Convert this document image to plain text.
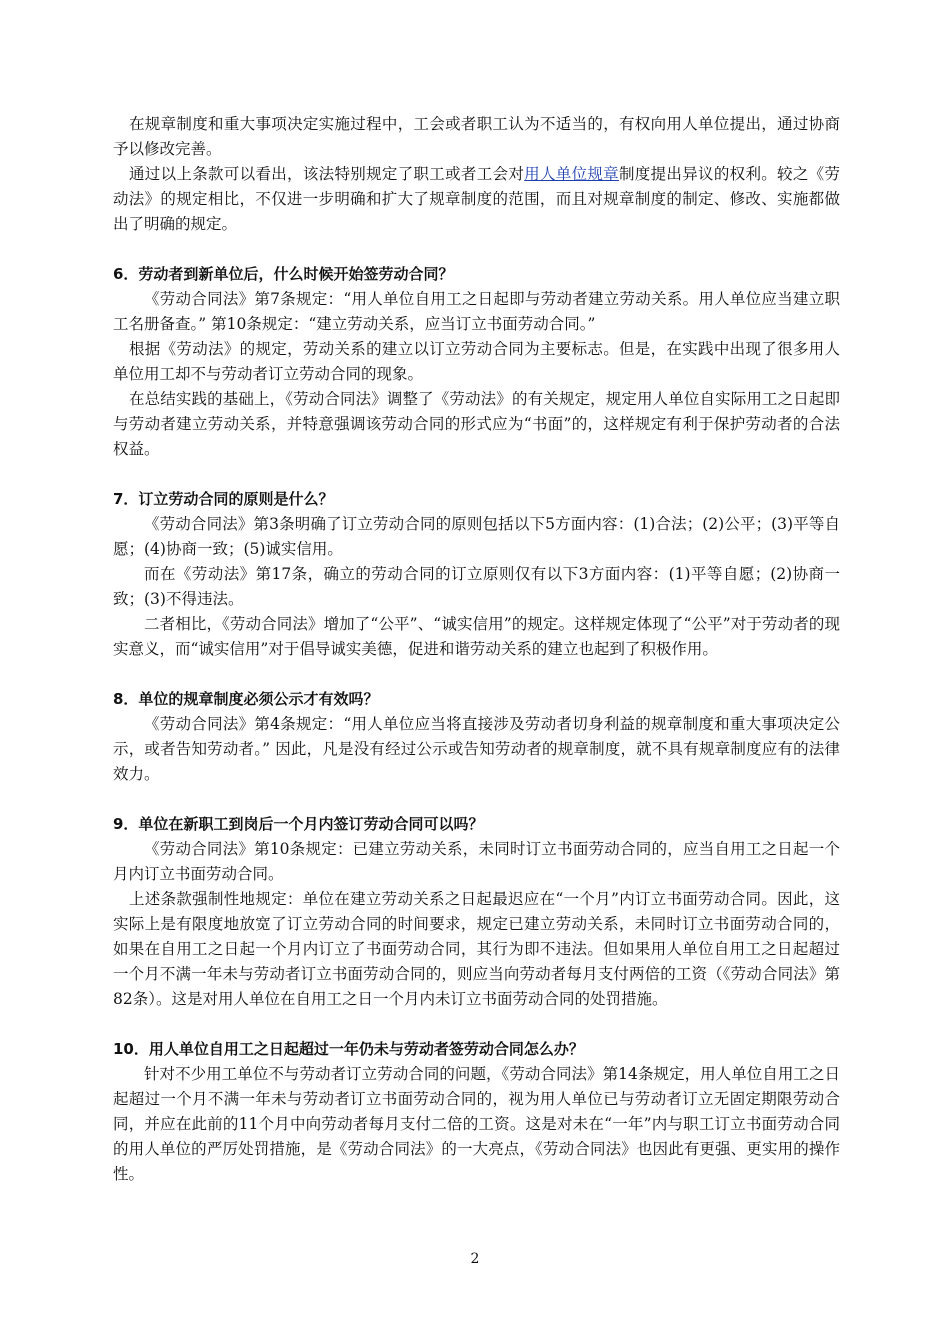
在规章制度和重大事项决定实施过程中，工会或者职工认为不适当的，有权向用人单位提出，通过协商予以修改完善。

通过以上条款可以看出，该法特别规定了职工或者工会对用人单位规章制度提出异议的权利。较之《劳动法》的规定相比，不仅进一步明确和扩大了规章制度的范围，而且对规章制度的制定、修改、实施都做出了明确的规定。

6．劳动者到新单位后，什么时候开始签劳动合同？

《劳动合同法》第7条规定：“用人单位自用工之日起即与劳动者建立劳动关系。用人单位应当建立职工名册备查。” 第10条规定：“建立劳动关系，应当订立书面劳动合同。”

根据《劳动法》的规定，劳动关系的建立以订立劳动合同为主要标志。但是，在实践中出现了很多用人单位用工却不与劳动者订立劳动合同的现象。

在总结实践的基础上，《劳动合同法》调整了《劳动法》的有关规定，规定用人单位自实际用工之日起即与劳动者建立劳动关系，并特意强调该劳动合同的形式应为“书面”的，这样规定有利于保护劳动者的合法权益。

7．订立劳动合同的原则是什么？

《劳动合同法》第3条明确了订立劳动合同的原则包括以下5方面内容：(1)合法；(2)公平；(3)平等自愿；(4)协商一致；(5)诚实信用。

而在《劳动法》第17条，确立的劳动合同的订立原则仅有以下3方面内容：(1)平等自愿；(2)协商一致；(3)不得违法。

二者相比，《劳动合同法》增加了“公平”、“诚实信用”的规定。这样规定体现了“公平”对于劳动者的现实意义，而“诚实信用”对于倡导诚实美德，促进和谐劳动关系的建立也起到了积极作用。

8．单位的规章制度必须公示才有效吗？

《劳动合同法》第4条规定：“用人单位应当将直接涉及劳动者切身利益的规章制度和重大事项决定公示，或者告知劳动者。” 因此，凡是没有经过公示或告知劳动者的规章制度，就不具有规章制度应有的法律效力。

9．单位在新职工到岗后一个月内签订劳动合同可以吗？

《劳动合同法》第10条规定：已建立劳动关系，未同时订立书面劳动合同的，应当自用工之日起一个月内订立书面劳动合同。

上述条款强制性地规定：单位在建立劳动关系之日起最迟应在“一个月”内订立书面劳动合同。因此，这实际上是有限度地放宽了订立劳动合同的时间要求，规定已建立劳动关系，未同时订立书面劳动合同的，如果在自用工之日起一个月内订立了书面劳动合同，其行为即不违法。但如果用人单位自用工之日起超过一个月不满一年未与劳动者订立书面劳动合同的，则应当向劳动者每月支付两倍的工资（《劳动合同法》第82条）。这是对用人单位在自用工之日一个月内未订立书面劳动合同的处罚措施。

10．用人单位自用工之日起超过一年仍未与劳动者签劳动合同怎么办？

针对不少用工单位不与劳动者订立劳动合同的问题，《劳动合同法》第14条规定，用人单位自用工之日起超过一个月不满一年未与劳动者订立书面劳动合同的，视为用人单位已与劳动者订立无固定期限劳动合同，并应在此前的11个月中向劳动者每月支付二倍的工资。这是对未在“一年”内与职工订立书面劳动合同的用人单位的严厉处罚措施，是《劳动合同法》的一大亮点，《劳动合同法》也因此有更强、更实用的操作性。

2
